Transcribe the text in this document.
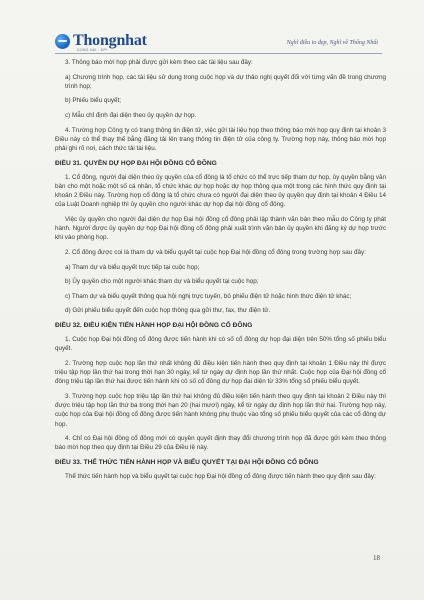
Thongnhat
DONG NAI · DPI
Nghĩ điều to đẹp, Nghĩ về Thống Nhất

3. Thông báo mời họp phải được gửi kèm theo các tài liệu sau đây:

a) Chương trình họp, các tài liệu sử dụng trong cuộc họp và dự thảo nghị quyết đối với từng vấn đề trong chương trình họp;

b) Phiếu biểu quyết;

c) Mẫu chỉ định đại diện theo ủy quyền dự họp.

4. Trường hợp Công ty có trang thông tin điện tử, việc gửi tài liệu họp theo thông báo mời họp quy định tại khoản 3 Điều này có thể thay thế bằng đăng tải lên trang thông tin điện tử của công ty. Trường hợp này, thông báo mời họp phải ghi rõ nơi, cách thức tải tài liệu.

ĐIỀU 31. QUYỀN DỰ HỌP ĐẠI HỘI ĐỒNG CỔ ĐÔNG

1. Cổ đông, người đại diện theo ủy quyền của cổ đông là tổ chức có thể trực tiếp tham dự họp, ủy quyền bằng văn bản cho một hoặc một số cá nhân, tổ chức khác dự họp hoặc dự họp thông qua một trong các hình thức quy định tại khoản 2 Điều này. Trường hợp cổ đông là tổ chức chưa có người đại diện theo ủy quyền quy định tại khoản 4 Điều 14 của Luật Doanh nghiệp thì ủy quyền cho người khác dự họp đại hội đồng cổ đông.

Việc ủy quyền cho người đại diện dự họp Đại hội đồng cổ đông phải lập thành văn bản theo mẫu do Công ty phát hành. Người được ủy quyền dự họp Đại hội đồng cổ đông phải xuất trình văn bản ủy quyền khi đăng ký dự họp trước khi vào phòng họp.

2. Cổ đông được coi là tham dự và biểu quyết tại cuộc họp Đại hội đồng cổ đông trong trường hợp sau đây:

a) Tham dự và biểu quyết trực tiếp tại cuộc họp;

b) Ủy quyền cho một người khác tham dự và biểu quyết tại cuộc họp;

c) Tham dự và biểu quyết thông qua hội nghị trực tuyến, bỏ phiếu điện tử hoặc hình thức điện tử khác;

d) Gửi phiếu biểu quyết đến cuộc họp thông qua gửi thư, fax, thư điện tử.

ĐIỀU 32. ĐIỀU KIỆN TIẾN HÀNH HỌP ĐẠI HỘI ĐỒNG CỔ ĐÔNG

1. Cuộc họp Đại hội đồng cổ đông được tiến hành khi có số cổ đông dự họp đại diện trên 50% tổng số phiếu biểu quyết.

2. Trường hợp cuộc họp lần thứ nhất không đủ điều kiện tiến hành theo quy định tại khoản 1 Điều này thì được triệu tập họp lần thứ hai trong thời hạn 30 ngày, kể từ ngày dự định họp lần thứ nhất. Cuộc họp của Đại hội đồng cổ đông triệu tập lần thứ hai được tiến hành khi có số cổ đông dự họp đại diện từ 33% tổng số phiếu biểu quyết.

3. Trường hợp cuộc họp triệu tập lần thứ hai không đủ điều kiện tiến hành theo quy định tại khoản 2 Điều này thì được triệu tập họp lần thứ ba trong thời hạn 20 (hai mươi) ngày, kể từ ngày dự định họp lần thứ hai. Trường hợp này, cuộc họp của Đại hội đồng cổ đông được tiến hành không phụ thuộc vào tổng số phiếu biểu quyết của các cổ đông dự họp.

4. Chỉ có Đại hội đồng cổ đông mới có quyền quyết định thay đổi chương trình họp đã được gửi kèm theo thông báo mời họp theo quy định tại Điều 29 của Điều lệ này.

ĐIỀU 33. THỂ THỨC TIẾN HÀNH HỌP VÀ BIỂU QUYẾT TẠI ĐẠI HỘI ĐỒNG CỔ ĐÔNG

Thể thức tiến hành họp và biểu quyết tại cuộc họp Đại hội đồng cổ đông được tiến hành theo quy định sau đây:

18
